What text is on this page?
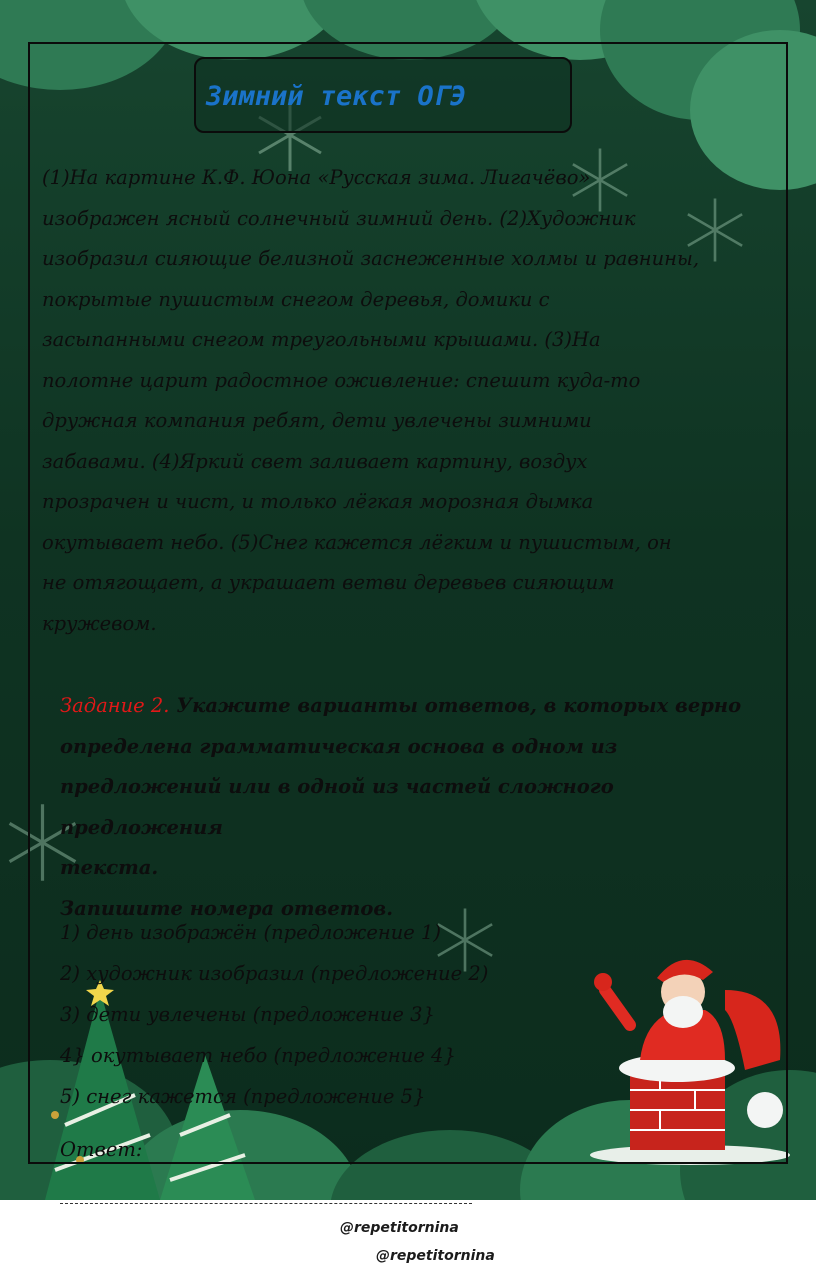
Зимний текст ОГЭ
(1)На картине К.Ф. Юона «Русская зима. Лигачёво»
изображен ясный солнечный зимний день. (2)Художник
изобразил сияющие белизной заснеженные холмы и равнины,
покрытые пушистым снегом деревья, домики с
засыпанными снегом треугольными крышами. (3)На
полотне царит радостное оживление: спешит куда-то
дружная компания ребят, дети увлечены зимними
забавами. (4)Яркий свет заливает картину, воздух
прозрачен и чист, и только лёгкая морозная дымка
окутывает небо. (5)Снег кажется лёгким и пушистым, он
не отягощает, а украшает ветви деревьев сияющим
кружевом.
Задание 2. Укажите варианты ответов, в которых верно
определена грамматическая основа в одном из
предложений или в одной из частей сложного предложения
текста.
Запишите номера ответов.
1) день изображён (предложение 1)
2) художник изобразил (предложение 2)
3) дети увлечены (предложение 3}
4} окутывает небо (предложение 4}
5) снег кажется (предложение 5}
Ответ:
@repetitornina
@repetitornina
